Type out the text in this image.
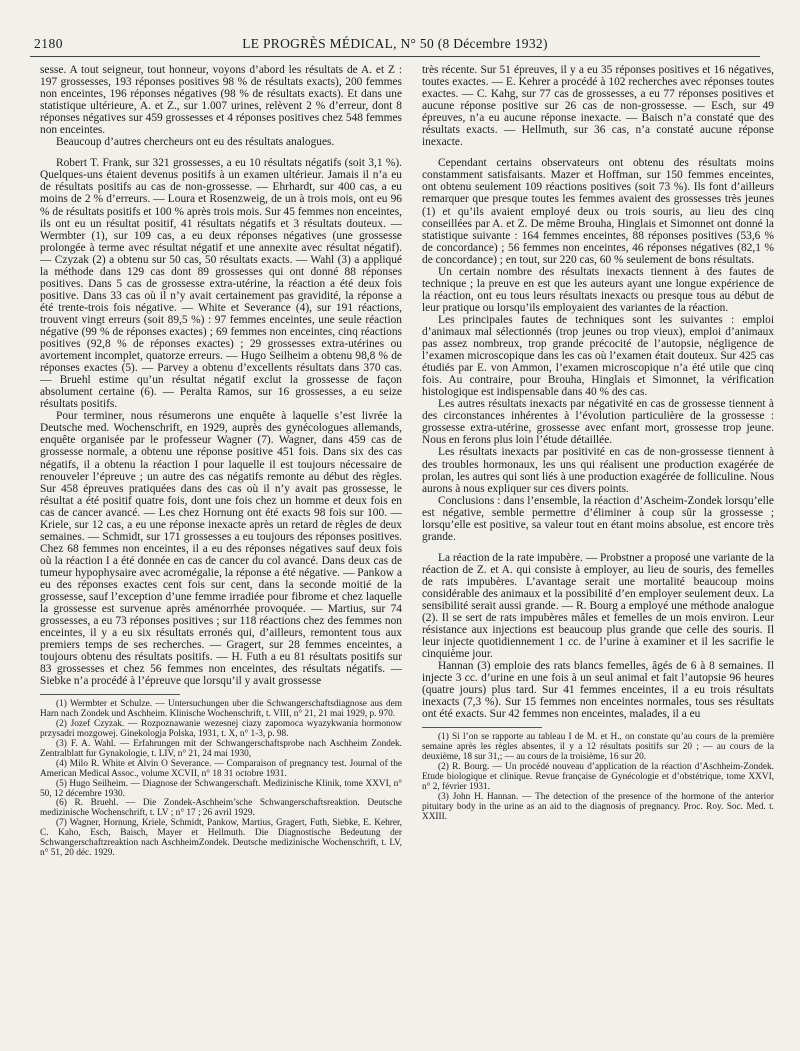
2180	LE PROGRÈS MÉDICAL, N° 50 (8 Décembre 1932)

sesse. A tout seigneur, tout honneur, voyons d’abord les résultats de A. et Z : 197 grossesses, 193 réponses positives 98 % de résultats exacts), 200 femmes non enceintes, 196 réponses négatives (98 % de résultats exacts). Et dans une statistique ultérieure, A. et Z., sur 1.007 urines, relèvent 2 % d’erreur, dont 8 réponses négatives sur 459 grossesses et 4 réponses positives chez 548 femmes non enceintes.

Beaucoup d’autres chercheurs ont eu des résultats analogues.

Robert T. Frank, sur 321 grossesses, a eu 10 résultats négatifs (soit 3,1 %). Quelques-uns étaient devenus positifs à un examen ultérieur. Jamais il n’a eu de résultats positifs au cas de non-grossesse. — Ehrhardt, sur 400 cas, a eu moins de 2 % d’erreurs. — Loura et Rosenzweig, de un à trois mois, ont eu 96 % de résultats positifs et 100 % après trois mois. Sur 45 femmes non enceintes, ils ont eu un résultat positif, 41 résultats négatifs et 3 résultats douteux. — Wermbter (1), sur 109 cas, a eu deux réponses négatives (une grossesse prolongée à terme avec résultat négatif et une annexite avec résultat négatif). — Czyzak (2) a obtenu sur 50 cas, 50 résultats exacts. — Wahl (3) a appliqué la méthode dans 129 cas dont 89 grossesses qui ont donné 88 réponses positives. Dans 5 cas de grossesse extra-utérine, la réaction a été deux fois positive. Dans 33 cas où il n’y avait certainement pas gravidité, la réponse a été trente-trois fois négative. — White et Severance (4), sur 191 réactions, trouvent vingt erreurs (soit 89,5 %) : 97 femmes enceintes, une seule réaction négative (99 % de réponses exactes) ; 69 femmes non enceintes, cinq réactions positives (92,8 % de réponses exactes) ; 29 grossesses extra-utérines ou avortement incomplet, quatorze erreurs. — Hugo Seilheim a obtenu 98,8 % de réponses exactes (5). — Parvey a obtenu d’excellents résultats dans 370 cas. — Bruehl estime qu’un résultat négatif exclut la grossesse de façon absolument certaine (6). — Peralta Ramos, sur 16 grossesses, a eu seize résultats positifs.

Pour terminer, nous résumerons une enquête à laquelle s’est livrée la Deutsche med. Wochenschrift, en 1929, auprès des gynécologues allemands, enquête organisée par le professeur Wagner (7). Wagner, dans 459 cas de grossesse normale, a obtenu une réponse positive 451 fois. Dans six des cas négatifs, il a obtenu la réaction I pour laquelle il est toujours nécessaire de renouveler l’épreuve ; un autre des cas négatifs remonte au début des règles. Sur 458 épreuves pratiquées dans des cas où il n’y avait pas grossesse, le résultat a été positif quatre fois, dont une fois chez un homme et deux fois en cas de cancer avancé. — Les chez Hornung ont été exacts 98 fois sur 100. — Kriele, sur 12 cas, a eu une réponse inexacte après un retard de règles de deux semaines. — Schmidt, sur 171 grossesses a eu toujours des réponses positives. Chez 68 femmes non enceintes, il a eu des réponses négatives sauf deux fois où la réaction I a été donnée en cas de cancer du col avancé. Dans deux cas de tumeur hypophysaire avec acromégalie, la réponse a été négative. — Pankow a eu des réponses exactes cent fois sur cent, dans la seconde moitié de la grossesse, sauf l’exception d’une femme irradiée pour fibrome et chez laquelle la grossesse est survenue après aménorrhée provoquée. — Martius, sur 74 grossesses, a eu 73 réponses positives ; sur 118 réactions chez des femmes non enceintes, il y a eu six résultats erronés qui, d’ailleurs, remontent tous aux premiers temps de ses recherches. — Gragert, sur 28 femmes enceintes, a toujours obtenu des résultats positifs. — H. Futh a eu 81 résultats positifs sur 83 grossesses et chez 56 femmes non enceintes, des résultats négatifs. — Siebke n’a procédé à l’épreuve que lorsqu’il y avait grossesse

(1) Wermbter et Schulze. — Untersuchungen uber die Schwangerschaftsdiagnose aus dem Harn nach Zondek und Aschheim. Klinische Wochenschrift, t. VIII, n° 21, 21 mai 1929, p. 970.

(2) Jozef Czyzak. — Rozpoznawanie wezesnej ciazy zapomoca wyazykwania hormonow przysadri mozgowej. Ginekologja Polska, 1931, t. X, n° 1-3, p. 98.

(3) F. A. Wahl. — Erfahrungen mit der Schwangerschaftsprobe nach Aschheim Zondek. Zentralblatt fur Gynakologie, t. LIV, n° 21, 24 mai 1930,

(4) Milo R. White et Alvin O Severance. — Comparaison of pregnancy test. Journal of the American Medical Assoc., volume XCVII, n° 18 31 octobre 1931.

(5) Hugo Seilheim. — Diagnose der Schwangerschaft. Medizinische Klinik, tome XXVI, n° 50, 12 décembre 1930.

(6) R. Bruehl. — Die Zondek-Aschheim’sche Schwangerschaftsreaktion. Deutsche medizinische Wochenschrift, t. LV ; n° 17 ; 26 avril 1929.

(7) Wagner, Hornung, Kriele, Schmidt, Pankow, Martius, Gragert, Futh, Siebke, E. Kehrer, C. Kaho, Esch, Baisch, Mayer et Hellmuth. Die Diagnostische Bedeutung der Schwangerschaftzreaktion nach AschheimZondek. Deutsche medizinische Wochenschrift, t. LV, n° 51, 20 déc. 1929.

très récente. Sur 51 épreuves, il y a eu 35 réponses positives et 16 négatives, toutes exactes. — E. Kehrer a procédé à 102 recherches avec réponses toutes exactes. — C. Kahg, sur 77 cas de grossesses, a eu 77 réponses positives et aucune réponse positive sur 26 cas de non-grossesse. — Esch, sur 49 épreuves, n’a eu aucune réponse inexacte. — Baisch n’a constaté que des résultats exacts. — Hellmuth, sur 36 cas, n’a constaté aucune réponse inexacte.

Cependant certains observateurs ont obtenu des résultats moins constamment satisfaisants. Mazer et Hoffman, sur 150 femmes enceintes, ont obtenu seulement 109 réactions positives (soit 73 %). Ils font d’ailleurs remarquer que presque toutes les femmes avaient des grossesses très jeunes (1) et qu’ils avaient employé deux ou trois souris, au lieu des cinq conseillées par A. et Z. De même Brouha, Hinglais et Simonnet ont donné la statistique suivante : 164 femmes enceintes, 88 réponses positives (53,6 % de concordance) ; 56 femmes non enceintes, 46 réponses négatives (82,1 % de concordance) ; en tout, sur 220 cas, 60 % seulement de bons résultats.

Un certain nombre des résultats inexacts tiennent à des fautes de technique ; la preuve en est que les auteurs ayant une longue expérience de la réaction, ont eu tous leurs résultats inexacts ou presque tous au début de leur pratique ou lorsqu’ils employaient des variantes de la réaction.

Les principales fautes de techniques sont les suivantes : emploi d’animaux mal sélectionnés (trop jeunes ou trop vieux), emploi d’animaux pas assez nombreux, trop grande précocité de l’autopsie, négligence de l’examen microscopique dans les cas où l’examen était douteux. Sur 425 cas étudiés par E. von Ammon, l’examen microscopique n’a été utile que cinq fois. Au contraire, pour Brouha, Hinglais et Simonnet, la vérification histologique est indispensable dans 40 % des cas.

Les autres résultats inexacts par négativité en cas de grossesse tiennent à des circonstances inhérentes à l’évolution particulière de la grossesse : grossesse extra-utérine, grossesse avec enfant mort, grossesse trop jeune. Nous en ferons plus loin l’étude détaillée.

Les résultats inexacts par positivité en cas de non-grossesse tiennent à des troubles hormonaux, les uns qui réalisent une production exagérée de prolan, les autres qui sont liés à une production exagérée de folliculine. Nous aurons à nous expliquer sur ces divers points.

Conclusions : dans l’ensemble, la réaction d’Ascheim-Zondek lorsqu’elle est négative, semble permettre d’éliminer à coup sûr la grossesse ; lorsqu’elle est positive, sa valeur tout en étant moins absolue, est encore très grande.

La réaction de la rate impubère. — Probstner a proposé une variante de la réaction de Z. et A. qui consiste à employer, au lieu de souris, des femelles de rats impubères. L’avantage serait une mortalité beaucoup moins considérable des animaux et la possibilité d’en employer seulement deux. La sensibilité serait aussi grande. — R. Bourg a employé une méthode analogue (2). Il se sert de rats impubères mâles et femelles de un mois environ. Leur résistance aux injections est beaucoup plus grande que celle des souris. Il leur injecte quotidiennement 1 cc. de l’urine à examiner et il les sacrifie le cinquième jour.

Hannan (3) emploie des rats blancs femelles, âgés de 6 à 8 semaines. Il injecte 3 cc. d’urine en une fois à un seul animal et fait l’autopsie 96 heures (quatre jours) plus tard. Sur 41 femmes enceintes, il a eu trois résultats inexacts (7,3 %). Sur 15 femmes non enceintes normales, tous ses résultats ont été exacts. Sur 42 femmes non enceintes, malades, il a eu

(1) Si l’on se rapporte au tableau I de M. et H., on constate qu’au cours de la première semaine après les règles absentes, il y a 12 résultats positifs sur 20 ; — au cours de la deuxième, 18 sur 31,; — au cours de la troisième, 16 sur 20.

(2) R. Bourg. — Un procédé nouveau d’application de la réaction d’Aschheim-Zondek. Etude biologique et clinique. Revue française de Gynécologie et d’obstétrique, tome XXVI, n° 2, février 1931.

(3) John H. Hannan. — The detection of the presence of the hormone of the anterior pituitary body in the urine as an aid to the diagnosis of pregnancy. Proc. Roy. Soc. Med. t. XXIII.
